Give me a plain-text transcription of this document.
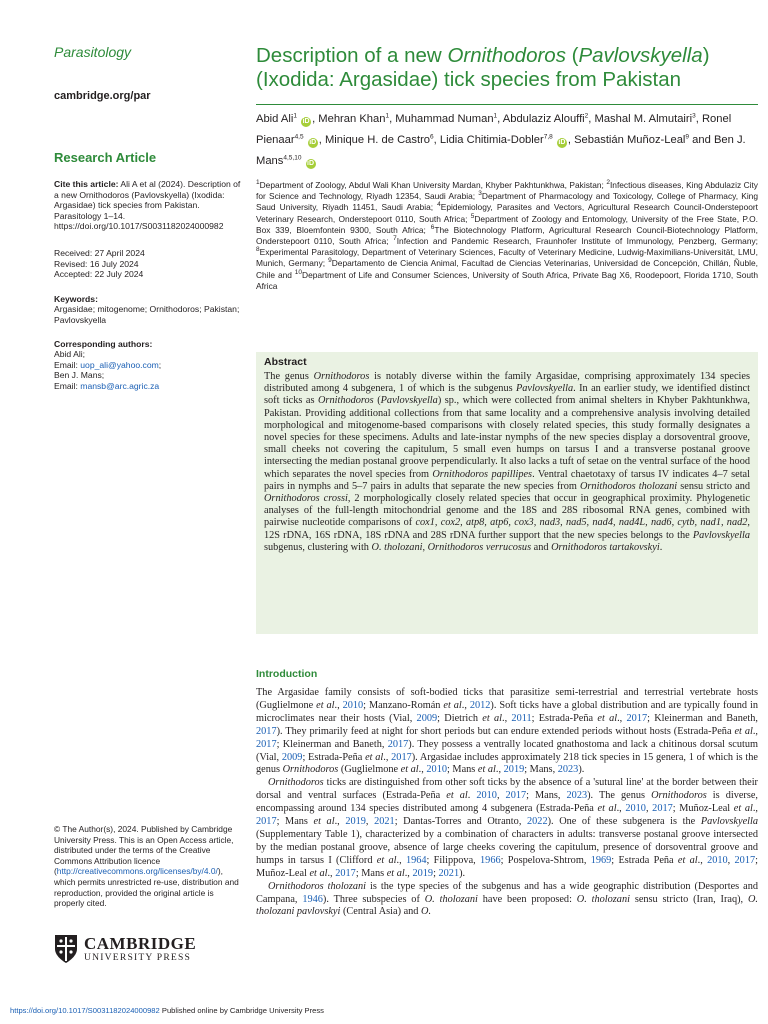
Parasitology

cambridge.org/par
Research Article
Cite this article: Ali A et al (2024). Description of a new Ornithodoros (Pavlovskyella) (Ixodida: Argasidae) tick species from Pakistan. Parasitology 1–14. https://doi.org/10.1017/S0031182024000982
Received: 27 April 2024
Revised: 16 July 2024
Accepted: 22 July 2024
Keywords:
Argasidae; mitogenome; Ornithodoros; Pakistan; Pavlovskyella
Corresponding authors:
Abid Ali;
Email: uop_ali@yahoo.com;
Ben J. Mans;
Email: mansb@arc.agric.za
© The Author(s), 2024. Published by Cambridge University Press. This is an Open Access article, distributed under the terms of the Creative Commons Attribution licence (http://creativecommons.org/licenses/by/4.0/), which permits unrestricted re-use, distribution and reproduction, provided the original article is properly cited.
CAMBRIDGE
UNIVERSITY PRESS
https://doi.org/10.1017/S0031182024000982 Published online by Cambridge University Press
Description of a new Ornithodoros (Pavlovskyella) (Ixodida: Argasidae) tick species from Pakistan
Abid Ali$^1$ iD , Mehran Khan$^1$, Muhammad Numan$^1$, Abdulaziz Alouffi$^2$, Mashal M. Almutairi$^3$, Ronel Pienaar$^{4,5}$ iD , Minique H. de Castro$^6$, Lidia Chitimia-Dobler$^{7,8}$ iD , Sebastián Muñoz-Leal$^9$ and Ben J. Mans$^{4,5,10}$ iD
$^1$Department of Zoology, Abdul Wali Khan University Mardan, Khyber Pakhtunkhwa, Pakistan; $^2$Infectious diseases, King Abdulaziz City for Science and Technology, Riyadh 12354, Saudi Arabia; $^3$Department of Pharmacology and Toxicology, College of Pharmacy, King Saud University, Riyadh 11451, Saudi Arabia; $^4$Epidemiology, Parasites and Vectors, Agricultural Research Council-Onderstepoort Veterinary Research, Onderstepoort 0110, South Africa; $^5$Department of Zoology and Entomology, University of the Free State, P.O. Box 339, Bloemfontein 9300, South Africa; $^6$The Biotechnology Platform, Agricultural Research Council-Biotechnology Platform, Onderstepoort 0110, South Africa; $^7$Infection and Pandemic Research, Fraunhofer Institute of Immunology, Penzberg, Germany; $^8$Experimental Parasitology, Department of Veterinary Sciences, Faculty of Veterinary Medicine, Ludwig-Maximilians-Universität, LMU, Munich, Germany; $^9$Departamento de Ciencia Animal, Facultad de Ciencias Veterinarias, Universidad de Concepción, Chillán, Ñuble, Chile and $^{10}$Department of Life and Consumer Sciences, University of South Africa, Private Bag X6, Roodepoort, Florida 1710, South Africa
Abstract

The genus Ornithodoros is notably diverse within the family Argasidae, comprising approximately 134 species distributed among 4 subgenera, 1 of which is the subgenus Pavlovskyella. In an earlier study, we identified distinct soft ticks as Ornithodoros (Pavlovskyella) sp., which were collected from animal shelters in Khyber Pakhtunkhwa, Pakistan. Providing additional collections from that same locality and a comprehensive analysis involving detailed morphological and mitogenome-based comparisons with closely related species, this study formally designates a novel species for these specimens. Adults and late-instar nymphs of the new species display a dorsoventral groove, small cheeks not covering the capitulum, 5 small even humps on tarsus I and a transverse postanal groove intersecting the median postanal groove perpendicularly. It also lacks a tuft of setae on the ventral surface of the hood which separates the novel species from Ornithodoros papillipes. Ventral chaetotaxy of tarsus IV indicates 4–7 setal pairs in nymphs and 5–7 pairs in adults that separate the new species from Ornithodoros tholozani sensu stricto and Ornithodoros crossi, 2 morphologically closely related species that occur in geographical proximity. Phylogenetic analyses of the full-length mitochondrial genome and the 18S and 28S ribosomal RNA genes, combined with pairwise nucleotide comparisons of cox1, cox2, atp8, atp6, cox3, nad3, nad5, nad4, nad4L, nad6, cytb, nad1, nad2, 12S rDNA, 16S rDNA, 18S rDNA and 28S rDNA further support that the new species belongs to the Pavlovskyella subgenus, clustering with O. tholozani, Ornithodoros verrucosus and Ornithodoros tartakovskyi.

Introduction

The Argasidae family consists of soft-bodied ticks that parasitize semi-terrestrial and terrestrial vertebrate hosts (Guglielmone et al., 2010; Manzano-Román et al., 2012). Soft ticks have a global distribution and are typically found in microclimates near their hosts (Vial, 2009; Dietrich et al., 2011; Estrada-Peña et al., 2017; Kleinerman and Baneth, 2017). They primarily feed at night for short periods but can endure extended periods without hosts (Estrada-Peña et al., 2017; Kleinerman and Baneth, 2017). They possess a ventrally located gnathostoma and lack a chitinous dorsal scutum (Vial, 2009; Estrada-Peña et al., 2017). Argasidae includes approximately 218 tick species in 15 genera, 1 of which is the genus Ornithodoros (Guglielmone et al., 2010; Mans et al., 2019; Mans, 2023).

Ornithodoros ticks are distinguished from other soft ticks by the absence of a 'sutural line' at the border between their dorsal and ventral surfaces (Estrada-Peña et al. 2010, 2017; Mans, 2023). The genus Ornithodoros is diverse, encompassing around 134 species distributed among 4 subgenera (Estrada-Peña et al., 2010, 2017; Muñoz-Leal et al., 2017; Mans et al., 2019, 2021; Dantas-Torres and Otranto, 2022). One of these subgenera is the Pavlovskyella (Supplementary Table 1), characterized by a combination of characters in adults: transverse postanal groove intersected by the median postanal groove, absence of large cheeks covering the capitulum, presence of dorsoventral groove and humps in tarsus I (Clifford et al., 1964; Filippova, 1966; Pospelova-Shtrom, 1969; Estrada Peña et al., 2010, 2017; Muñoz-Leal et al., 2017; Mans et al., 2019; 2021).

Ornithodoros tholozani is the type species of the subgenus and has a wide geographic distribution (Desportes and Campana, 1946). Three subspecies of O. tholozani have been proposed: O. tholozani sensu stricto (Iran, Iraq), O. tholozani pavlovskyi (Central Asia) and O.
